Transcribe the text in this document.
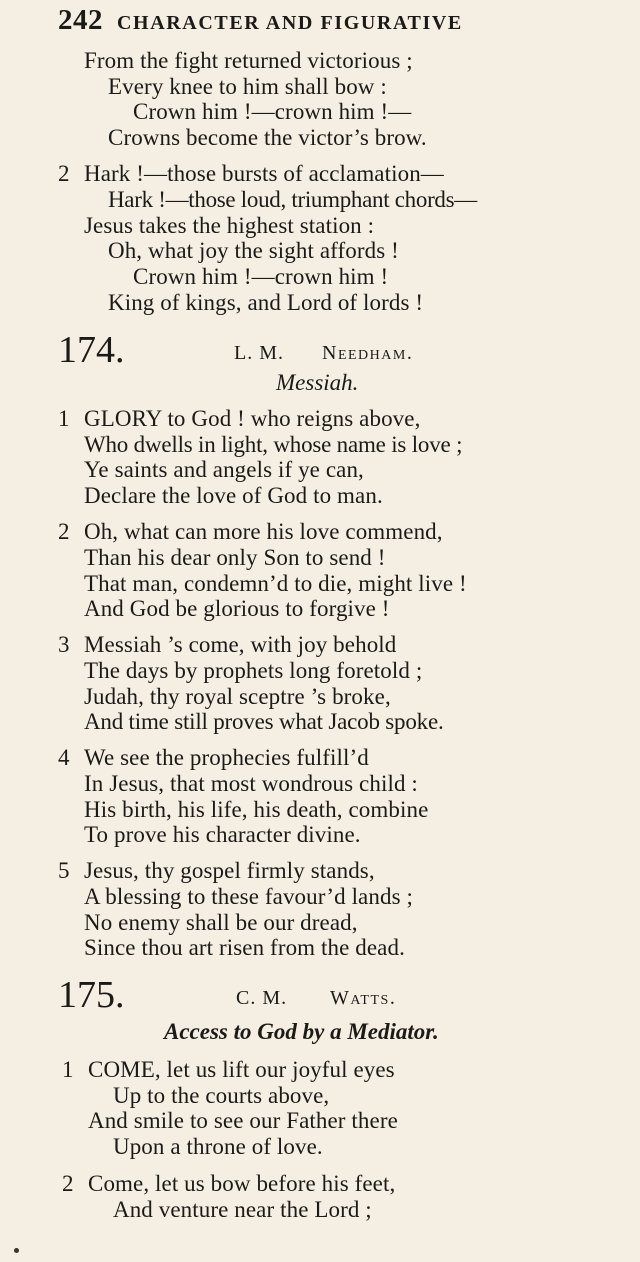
242 CHARACTER AND FIGURATIVE
From the fight returned victorious ;
Every knee to him shall bow :
Crown him !—crown him !—
Crowns become the victor’s brow.
2 Hark !—those bursts of acclamation—
Hark !—those loud, triumphant chords—
Jesus takes the highest station :
Oh, what joy the sight affords !
Crown him !—crown him !
King of kings, and Lord of lords !
174.	L. M. Needham.
Messiah.
1 GLORY to God ! who reigns above,
Who dwells in light, whose name is love ;
Ye saints and angels if ye can,
Declare the love of God to man.
2 Oh, what can more his love commend,
Than his dear only Son to send !
That man, condemn’d to die, might live !
And God be glorious to forgive !
3 Messiah ’s come, with joy behold
The days by prophets long foretold ;
Judah, thy royal sceptre ’s broke,
And time still proves what Jacob spoke.
4 We see the prophecies fulfill’d
In Jesus, that most wondrous child :
His birth, his life, his death, combine
To prove his character divine.
5 Jesus, thy gospel firmly stands,
A blessing to these favour’d lands ;
No enemy shall be our dread,
Since thou art risen from the dead.
175.	C. M. Watts.
Access to God by a Mediator.
1 COME, let us lift our joyful eyes
Up to the courts above,
And smile to see our Father there
Upon a throne of love.
2 Come, let us bow before his feet,
And venture near the Lord ;
